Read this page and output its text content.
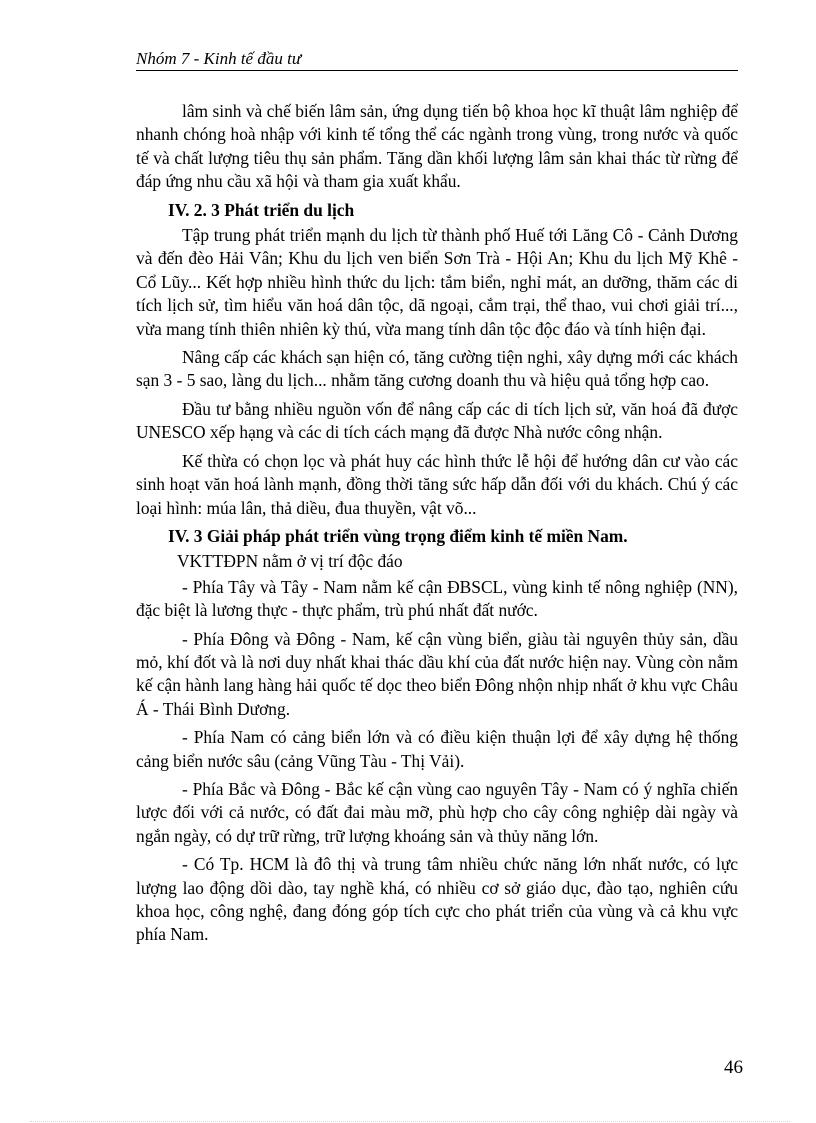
Nhóm 7 - Kinh tế đầu tư

lâm sinh và chế biến lâm sản, ứng dụng tiến bộ khoa học kĩ thuật lâm nghiệp để nhanh chóng hoà nhập với kinh tế tổng thể các ngành trong vùng, trong nước và quốc tế và chất lượng tiêu thụ sản phẩm. Tăng dần khối lượng lâm sản khai thác từ rừng để đáp ứng nhu cầu xã hội và tham gia xuất khẩu.

IV. 2. 3 Phát triển du lịch

Tập trung phát triển mạnh du lịch từ thành phố Huế tới Lăng Cô - Cảnh Dương và đến đèo Hải Vân; Khu du lịch ven biển Sơn Trà - Hội An; Khu du lịch Mỹ Khê - Cổ Lũy... Kết hợp nhiều hình thức du lịch: tắm biển, nghỉ mát, an dưỡng, thăm các di tích lịch sử, tìm hiểu văn hoá dân tộc, dã ngoại, cắm trại, thể thao, vui chơi giải trí..., vừa mang tính thiên nhiên kỳ thú, vừa mang tính dân tộc độc đáo và tính hiện đại.

Nâng cấp các khách sạn hiện có, tăng cường tiện nghi, xây dựng mới các khách sạn 3 - 5 sao, làng du lịch... nhằm tăng cương doanh thu và hiệu quả tổng hợp cao.

Đầu tư bằng nhiều nguồn vốn để nâng cấp các di tích lịch sử, văn hoá đã được UNESCO xếp hạng và các di tích cách mạng đã được Nhà nước công nhận.

Kế thừa có chọn lọc và phát huy các hình thức lễ hội để hướng dân cư vào các sinh hoạt văn hoá lành mạnh, đồng thời tăng sức hấp dẫn đối với du khách. Chú ý các loại hình: múa lân, thả diều, đua thuyền, vật võ...

IV. 3 Giải pháp phát triển vùng trọng điểm kinh tế miền Nam.

VKTTĐPN nằm ở vị trí độc đáo

- Phía Tây và Tây - Nam nằm kế cận ĐBSCL, vùng kinh tế nông nghiệp (NN), đặc biệt là lương thực - thực phẩm, trù phú nhất đất nước.

- Phía Đông và Đông - Nam, kế cận vùng biển, giàu tài nguyên thủy sản, dầu mỏ, khí đốt và là nơi duy nhất khai thác dầu khí của đất nước hiện nay. Vùng còn nằm kế cận hành lang hàng hải quốc tế dọc theo biển Đông nhộn nhịp nhất ở khu vực Châu Á - Thái Bình Dương.

- Phía Nam có cảng biển lớn và có điều kiện thuận lợi để xây dựng hệ thống cảng biển nước sâu (cảng Vũng Tàu - Thị Vải).

- Phía Bắc và Đông - Bắc kế cận vùng cao nguyên Tây - Nam có ý nghĩa chiến lược đối với cả nước, có đất đai màu mỡ, phù hợp cho cây công nghiệp dài ngày và ngắn ngày, có dự trữ rừng, trữ lượng khoáng sản và thủy năng lớn.

- Có Tp. HCM là đô thị và trung tâm nhiều chức năng lớn nhất nước, có lực lượng lao động dồi dào, tay nghề khá, có nhiều cơ sở giáo dục, đào tạo, nghiên cứu khoa học, công nghệ, đang đóng góp tích cực cho phát triển của vùng và cả khu vực phía Nam.

46
